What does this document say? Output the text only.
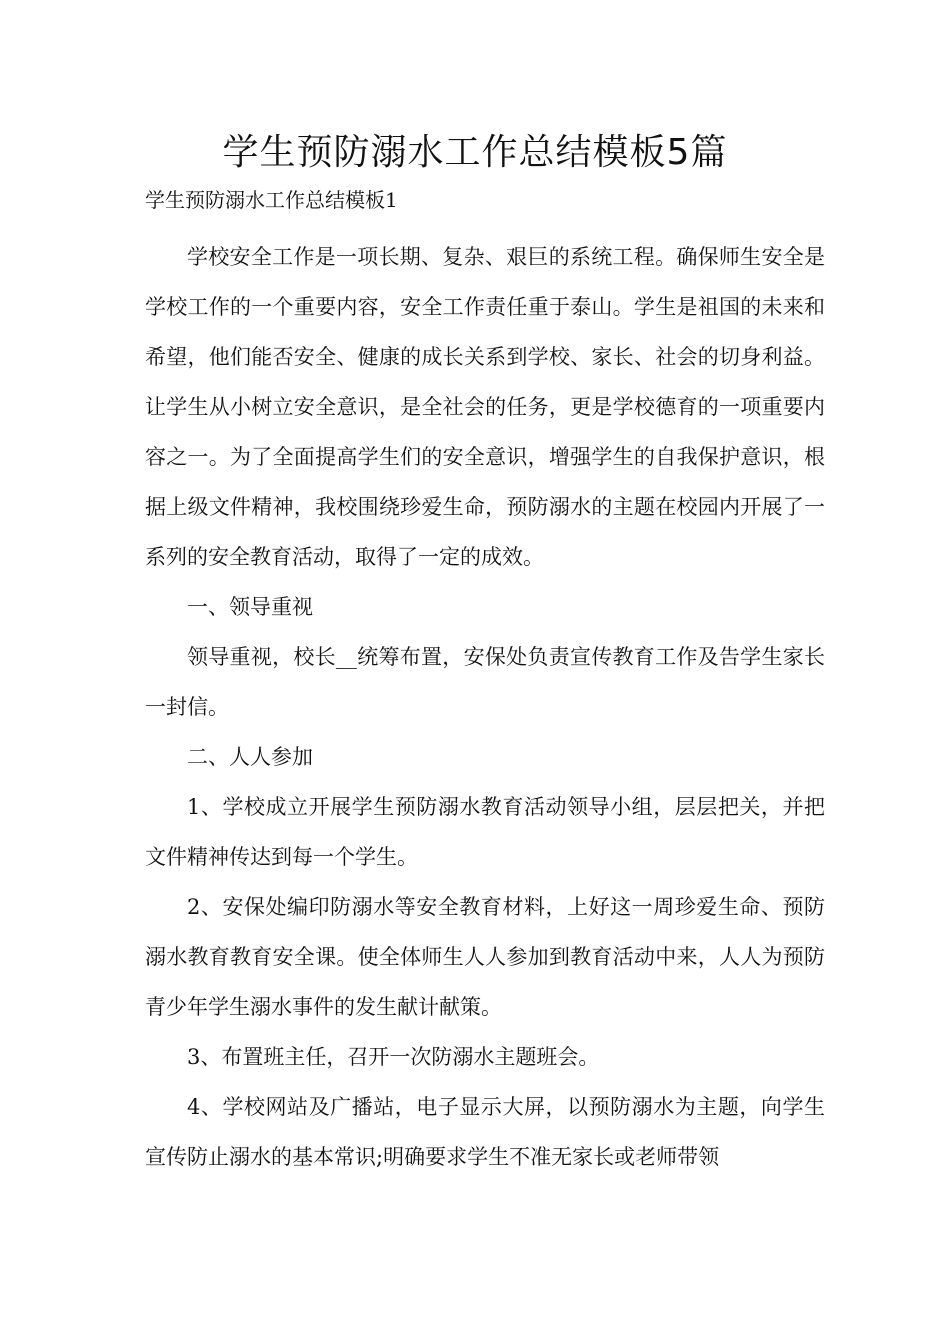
学生预防溺水工作总结模板5篇
学生预防溺水工作总结模板1

学校安全工作是一项长期、复杂、艰巨的系统工程。确保师生安全是学校工作的一个重要内容，安全工作责任重于泰山。学生是祖国的未来和希望，他们能否安全、健康的成长关系到学校、家长、社会的切身利益。让学生从小树立安全意识，是全社会的任务，更是学校德育的一项重要内容之一。为了全面提高学生们的安全意识，增强学生的自我保护意识，根据上级文件精神，我校围绕珍爱生命，预防溺水的主题在校园内开展了一系列的安全教育活动，取得了一定的成效。

一、领导重视

领导重视，校长__统筹布置，安保处负责宣传教育工作及告学生家长一封信。

二、人人参加

1、学校成立开展学生预防溺水教育活动领导小组，层层把关，并把文件精神传达到每一个学生。

2、安保处编印防溺水等安全教育材料，上好这一周珍爱生命、预防溺水教育教育安全课。使全体师生人人参加到教育活动中来，人人为预防青少年学生溺水事件的发生献计献策。

3、布置班主任，召开一次防溺水主题班会。

4、学校网站及广播站，电子显示大屏，以预防溺水为主题，向学生宣传防止溺水的基本常识;明确要求学生不准无家长或老师带领
